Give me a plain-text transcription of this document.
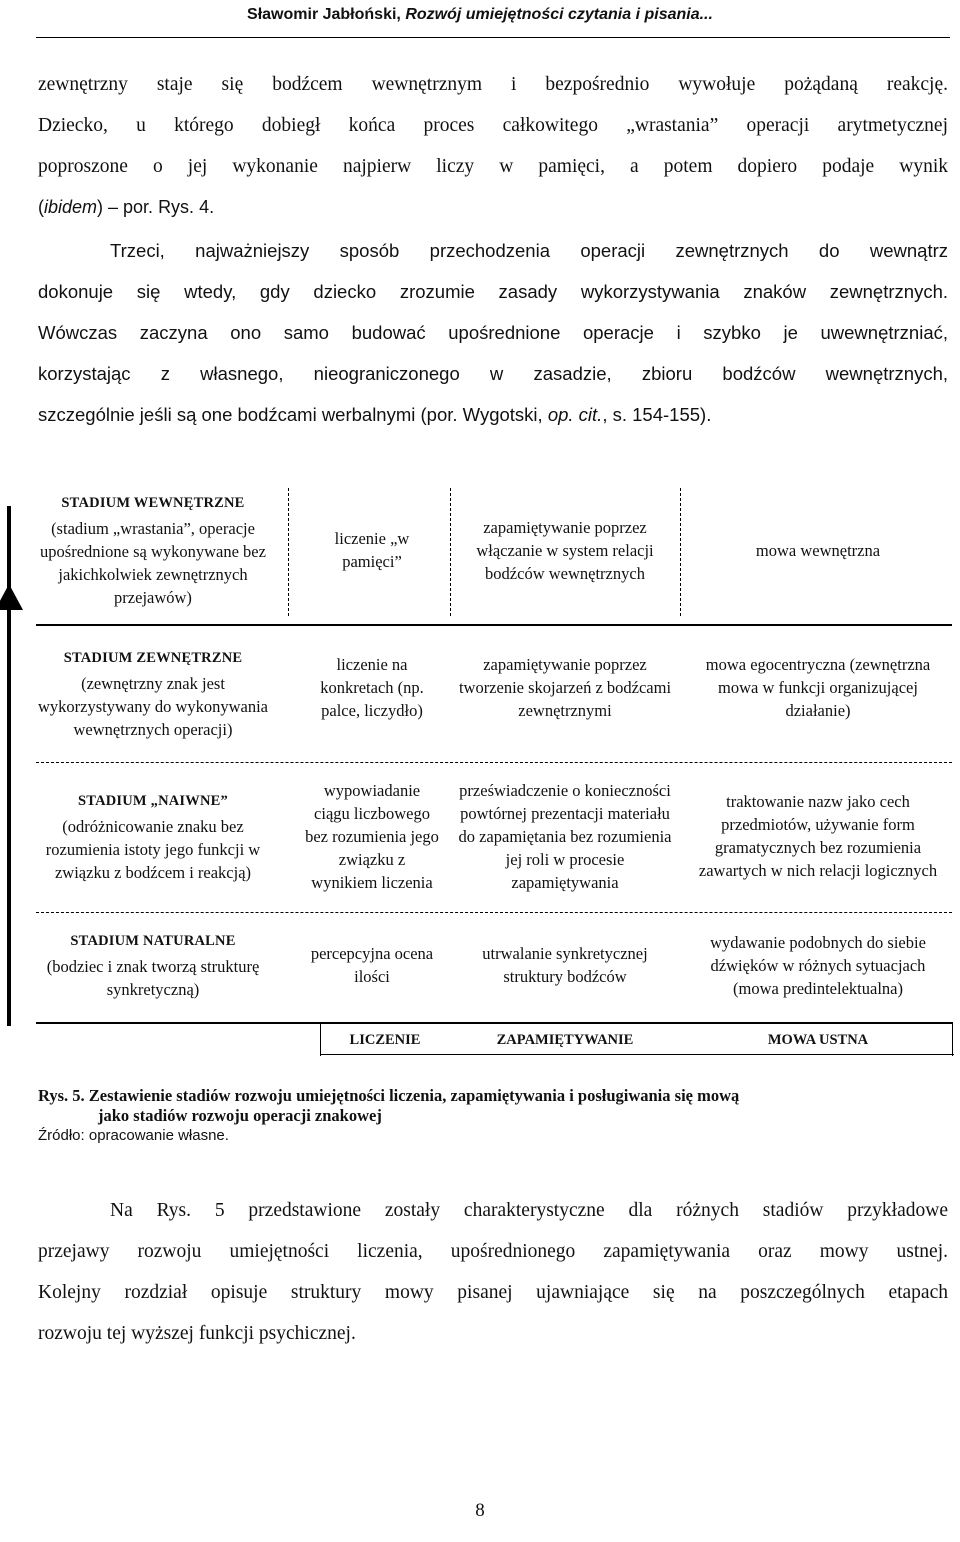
Sławomir Jabłoński, Rozwój umiejętności czytania i pisania...
zewnętrzny staje się bodźcem wewnętrznym i bezpośrednio wywołuje pożądaną reakcję.
Dziecko, u którego dobiegł końca proces całkowitego „wrastania” operacji arytmetycznej
poproszone o jej wykonanie najpierw liczy w pamięci, a potem dopiero podaje wynik
(ibidem) – por. Rys. 4.
Trzeci, najważniejszy sposób przechodzenia operacji zewnętrznych do wewnątrz
dokonuje się wtedy, gdy dziecko zrozumie zasady wykorzystywania znaków zewnętrznych.
Wówczas zaczyna ono samo budować upośrednione operacje i szybko je uwewnętrzniać,
korzystając z własnego, nieograniczonego w zasadzie, zbioru bodźców wewnętrznych,
szczególnie jeśli są one bodźcami werbalnymi (por. Wygotski, op. cit., s. 154-155).
STADIUM WEWNĘTRZNE
(stadium „wrastania”, operacje upośrednione są wykonywane bez jakichkolwiek zewnętrznych przejawów)
liczenie „w pamięci”
zapamiętywanie poprzez włączanie w system relacji bodźców wewnętrznych
mowa wewnętrzna
STADIUM ZEWNĘTRZNE
(zewnętrzny znak jest wykorzystywany do wykonywania wewnętrznych operacji)
liczenie na konkretach (np. palce, liczydło)
zapamiętywanie poprzez tworzenie skojarzeń z bodźcami zewnętrznymi
mowa egocentryczna (zewnętrzna mowa w funkcji organizującej działanie)
STADIUM „NAIWNE”
(odróżnicowanie znaku bez rozumienia istoty jego funkcji w związku z bodźcem i reakcją)
wypowiadanie ciągu liczbowego bez rozumienia jego związku z wynikiem liczenia
przeświadczenie o konieczności powtórnej prezentacji materiału do zapamiętania bez rozumienia jej roli w procesie zapamiętywania
traktowanie nazw jako cech przedmiotów, używanie form gramatycznych bez rozumienia zawartych w nich relacji logicznych
STADIUM NATURALNE
(bodziec i znak tworzą strukturę synkretyczną)
percepcyjna ocena ilości
utrwalanie synkretycznej struktury bodźców
wydawanie podobnych do siebie dźwięków w różnych sytuacjach (mowa predintelektualna)
LICZENIE	ZAPAMIĘTYWANIE	MOWA USTNA
Rys. 5. Zestawienie stadiów rozwoju umiejętności liczenia, zapamiętywania i posługiwania się mową
jako stadiów rozwoju operacji znakowej
Źródło: opracowanie własne.
Na Rys. 5 przedstawione zostały charakterystyczne dla różnych stadiów przykładowe
przejawy rozwoju umiejętności liczenia, upośrednionego zapamiętywania oraz mowy ustnej.
Kolejny rozdział opisuje struktury mowy pisanej ujawniające się na poszczególnych etapach
rozwoju tej wyższej funkcji psychicznej.
8
